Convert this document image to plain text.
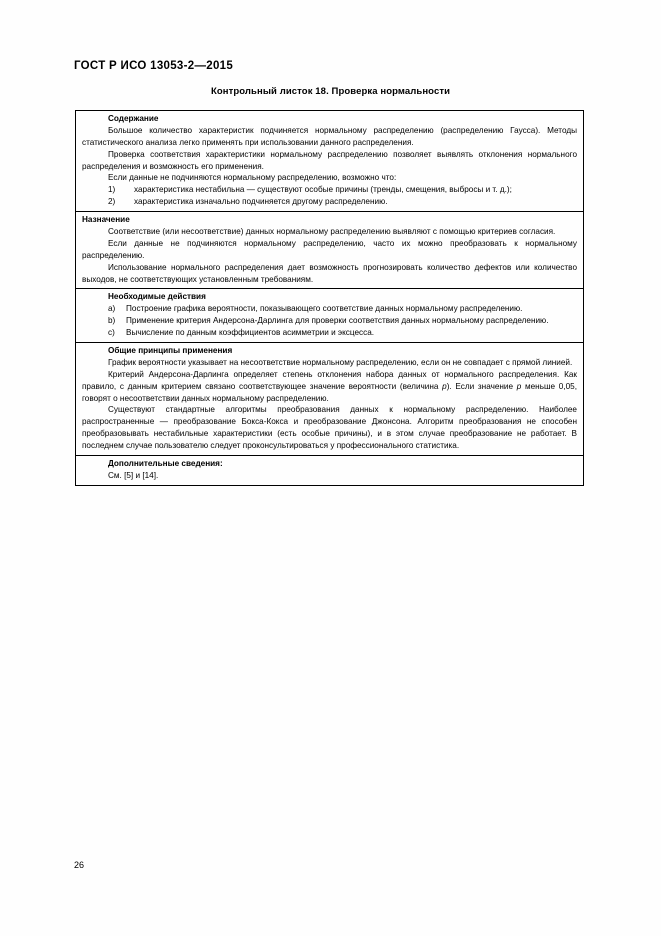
ГОСТ Р ИСО 13053-2—2015
Контрольный листок 18. Проверка нормальности
Содержание

Большое количество характеристик подчиняется нормальному распределению (распределению Гаусса). Методы статистического анализа легко применять при использовании данного распределения.

Проверка соответствия характеристики нормальному распределению позволяет выявлять отклонения нормального распределения и возможность его применения.

Если данные не подчиняются нормальному распределению, возможно что:

1)	характеристика нестабильна — существуют особые причины (тренды, смещения, выбросы и т. д.);
2)	характеристика изначально подчиняется другому распределению.
Назначение

Соответствие (или несоответствие) данных нормальному распределению выявляют с помощью критериев согласия.

Если данные не подчиняются нормальному распределению, часто их можно преобразовать к нормальному распределению.

Использование нормального распределения дает возможность прогнозировать количество дефектов или количество выходов, не соответствующих установленным требованиям.

Необходимые действия
a)	Построение графика вероятности, показывающего соответствие данных нормальному распределению.
b)	Применение критерия Андерсона-Дарлинга для проверки соответствия данных нормальному распределению.
c)	Вычисление по данным коэффициентов асимметрии и эксцесса.
Общие принципы применения

График вероятности указывает на несоответствие нормальному распределению, если он не совпадает с прямой линией.

Критерий Андерсона-Дарлинга определяет степень отклонения набора данных от нормального распределения. Как правило, с данным критерием связано соответствующее значение вероятности (величина p). Если значение p меньше 0,05, говорят о несоответствии данных нормальному распределению.

Существуют стандартные алгоритмы преобразования данных к нормальному распределению. Наиболее распространенные — преобразование Бокса-Кокса и преобразование Джонсона. Алгоритм преобразования не способен преобразовывать нестабильные характеристики (есть особые причины), и в этом случае преобразование не работает. В последнем случае пользователю следует проконсультироваться у профессионального статистика.

Дополнительные сведения:

См. [5] и [14].

26
